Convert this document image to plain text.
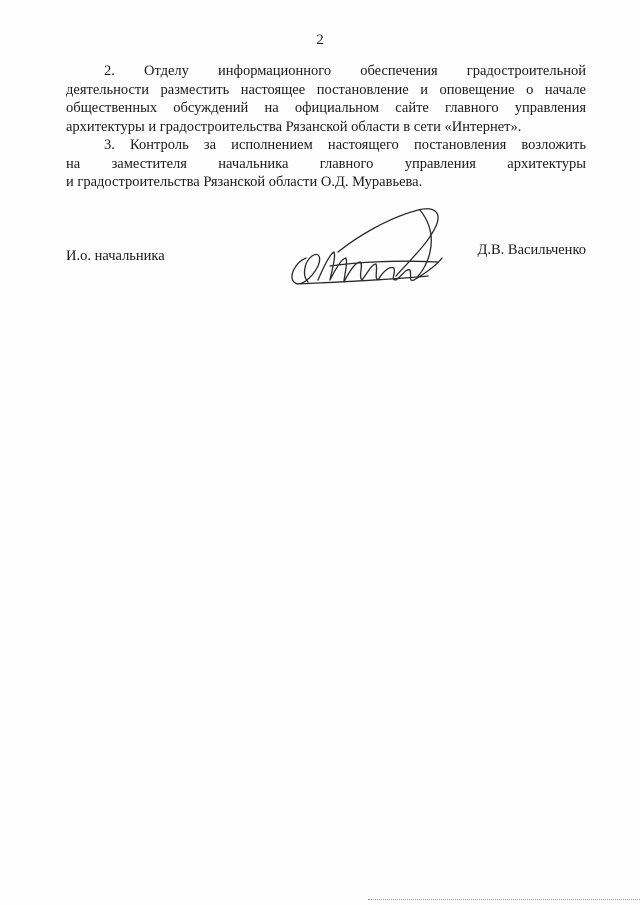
2

2. Отделу информационного обеспечения градостроительной
деятельности разместить настоящее постановление и оповещение о начале
общественных обсуждений на официальном сайте главного управления
архитектуры и градостроительства Рязанской области в сети «Интернет».

3. Контроль за исполнением настоящего постановления возложить
на заместителя начальника главного управления архитектуры
и градостроительства Рязанской области О.Д. Муравьева.

И.о. начальника	Д.В. Васильченко
